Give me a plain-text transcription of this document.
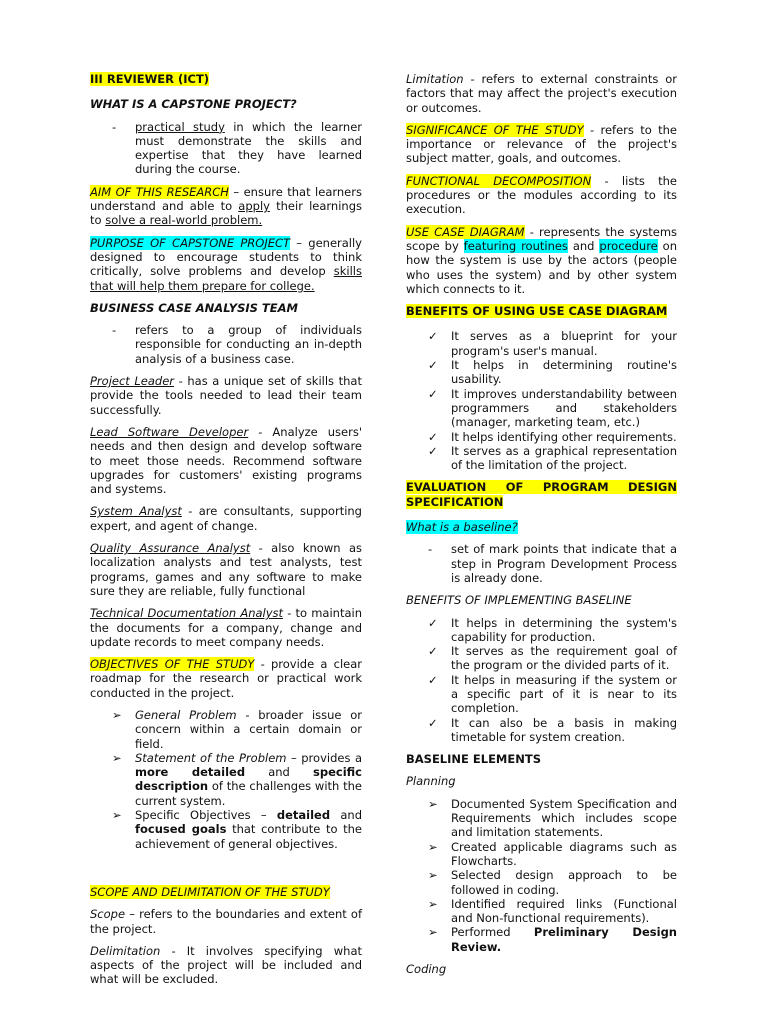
III REVIEWER (ICT)

WHAT IS A CAPSTONE PROJECT?

- practical study in which the learner must demonstrate the skills and expertise that they have learned during the course.

AIM OF THIS RESEARCH – ensure that learners understand and able to apply their learnings to solve a real-world problem.

PURPOSE OF CAPSTONE PROJECT – generally designed to encourage students to think critically, solve problems and develop skills that will help them prepare for college.

BUSINESS CASE ANALYSIS TEAM

- refers to a group of individuals responsible for conducting an in-depth analysis of a business case.

Project Leader - has a unique set of skills that provide the tools needed to lead their team successfully.

Lead Software Developer - Analyze users' needs and then design and develop software to meet those needs. Recommend software upgrades for customers' existing programs and systems.

System Analyst - are consultants, supporting expert, and agent of change.

Quality Assurance Analyst - also known as localization analysts and test analysts, test programs, games and any software to make sure they are reliable, fully functional

Technical Documentation Analyst - to maintain the documents for a company, change and update records to meet company needs.

OBJECTIVES OF THE STUDY - provide a clear roadmap for the research or practical work conducted in the project.

➢ General Problem - broader issue or concern within a certain domain or field.
➢ Statement of the Problem – provides a more detailed and specific description of the challenges with the current system.
➢ Specific Objectives – detailed and focused goals that contribute to the achievement of general objectives.

SCOPE AND DELIMITATION OF THE STUDY

Scope – refers to the boundaries and extent of the project.

Delimitation - It involves specifying what aspects of the project will be included and what will be excluded.

Limitation - refers to external constraints or factors that may affect the project's execution or outcomes.

SIGNIFICANCE OF THE STUDY - refers to the importance or relevance of the project's subject matter, goals, and outcomes.

FUNCTIONAL DECOMPOSITION - lists the procedures or the modules according to its execution.

USE CASE DIAGRAM - represents the systems scope by featuring routines and procedure on how the system is use by the actors (people who uses the system) and by other system which connects to it.

BENEFITS OF USING USE CASE DIAGRAM

✓ It serves as a blueprint for your program's user's manual.
✓ It helps in determining routine's usability.
✓ It improves understandability between programmers and stakeholders (manager, marketing team, etc.)
✓ It helps identifying other requirements.
✓ It serves as a graphical representation of the limitation of the project.

EVALUATION OF PROGRAM DESIGN SPECIFICATION

What is a baseline?

- set of mark points that indicate that a step in Program Development Process is already done.

BENEFITS OF IMPLEMENTING BASELINE

✓ It helps in determining the system's capability for production.
✓ It serves as the requirement goal of the program or the divided parts of it.
✓ It helps in measuring if the system or a specific part of it is near to its completion.
✓ It can also be a basis in making timetable for system creation.

BASELINE ELEMENTS

Planning

➢ Documented System Specification and Requirements which includes scope and limitation statements.
➢ Created applicable diagrams such as Flowcharts.
➢ Selected design approach to be followed in coding.
➢ Identified required links (Functional and Non-functional requirements).
➢ Performed Preliminary Design Review.

Coding
